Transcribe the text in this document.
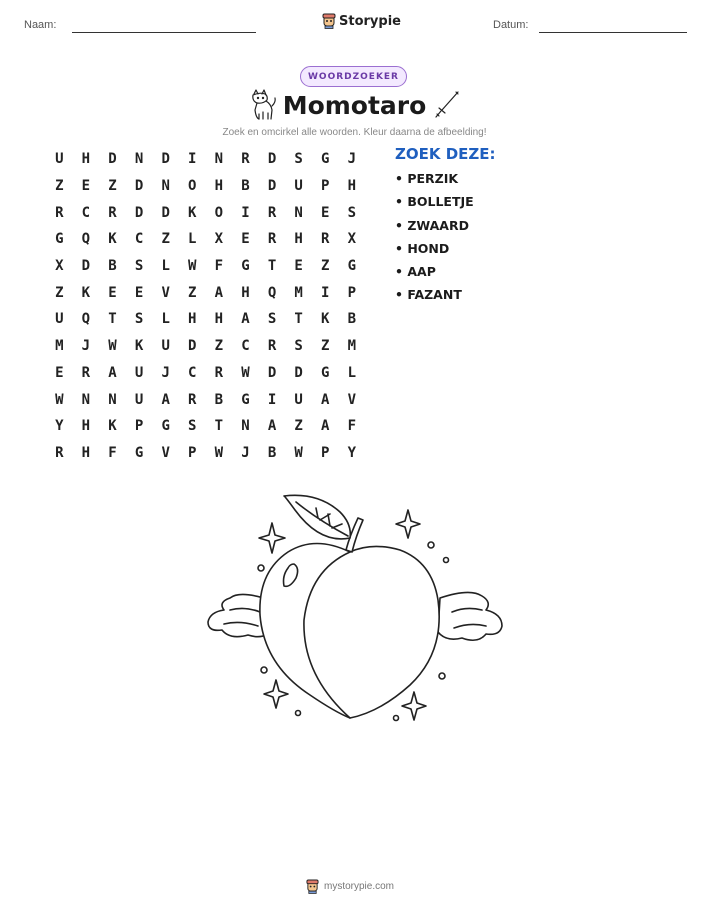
Naam:	Datum:
Storypie
WOORDZOEKER
Momotaro
Zoek en omcirkel alle woorden. Kleur daarna de afbeelding!
U	H	D	N	D	I	N	R	D	S	G	J
Z	E	Z	D	N	O	H	B	D	U	P	H
R	C	R	D	D	K	O	I	R	N	E	S
G	Q	K	C	Z	L	X	E	R	H	R	X
X	D	B	S	L	W	F	G	T	E	Z	G
Z	K	E	E	V	Z	A	H	Q	M	I	P
U	Q	T	S	L	H	H	A	S	T	K	B
M	J	W	K	U	D	Z	C	R	S	Z	M
E	R	A	U	J	C	R	W	D	D	G	L
W	N	N	U	A	R	B	G	I	U	A	V
Y	H	K	P	G	S	T	N	A	Z	A	F
R	H	F	G	V	P	W	J	B	W	P	Y
ZOEK DEZE:
• PERZIK
• BOLLETJE
• ZWAARD
• HOND
• AAP
• FAZANT
mystorypie.com
